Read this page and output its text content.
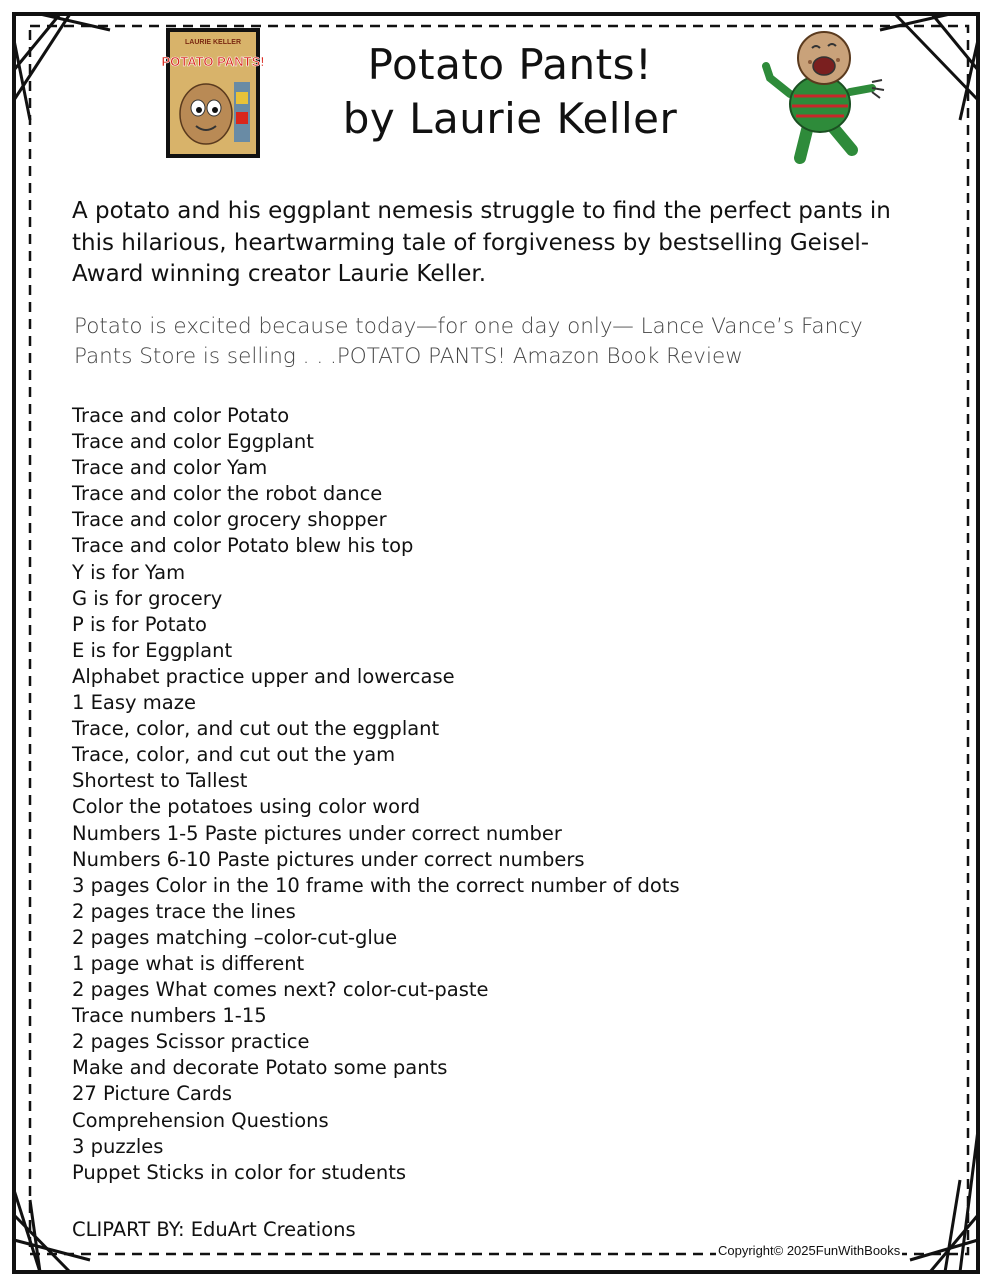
LAURIE KELLER
POTATO PANTS!	Potato Pants!
by Laurie Keller

A potato and his eggplant nemesis struggle to find the perfect pants in this hilarious, heartwarming tale of forgiveness by bestselling Geisel-Award winning creator Laurie Keller.

Potato is excited because today—for one day only— Lance Vance’s Fancy Pants Store is selling . . .POTATO PANTS! Amazon Book Review

Trace and color Potato
Trace and color Eggplant
Trace and color Yam
Trace and color the robot dance
Trace and color grocery shopper
Trace and color Potato blew his top
Y is for Yam
G is for grocery
P is for Potato
E is for Eggplant
Alphabet practice upper and lowercase
1 Easy maze
Trace, color, and cut out the eggplant
Trace, color, and cut out the yam
Shortest to Tallest
Color the potatoes using color word
Numbers 1-5 Paste pictures under correct number
Numbers 6-10 Paste pictures under correct numbers
3 pages Color in the 10 frame with the correct number of dots
2 pages trace the lines
2 pages matching –color-cut-glue
1 page what is different
2 pages What comes next? color-cut-paste
Trace numbers 1-15
2 pages Scissor practice
Make and decorate Potato some pants
27 Picture Cards
Comprehension Questions
3 puzzles
Puppet Sticks in color for students
CLIPART BY: EduArt Creations
Copyright© 2025FunWithBooks
